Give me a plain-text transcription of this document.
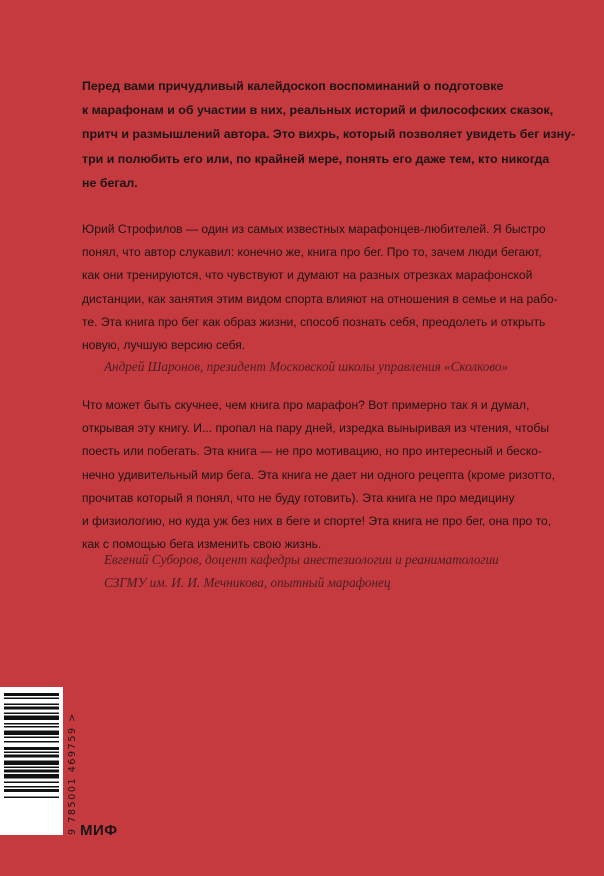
Перед вами причудливый калейдоскоп воспоминаний о подготовке
к марафонам и об участии в них, реальных историй и философских сказок,
притч и размышлений автора. Это вихрь, который позволяет увидеть бег изну-
три и полюбить его или, по крайней мере, понять его даже тем, кто никогда
не бегал.

Юрий Строфилов — один из самых известных марафонцев-любителей. Я быстро
понял, что автор слукавил: конечно же, книга про бег. Про то, зачем люди бегают,
как они тренируются, что чувствуют и думают на разных отрезках марафонской
дистанции, как занятия этим видом спорта влияют на отношения в семье и на рабо-
те. Эта книга про бег как образ жизни, способ познать себя, преодолеть и открыть
новую, лучшую версию себя.

Андрей Шаронов, президент Московской школы управления «Сколково»

Что может быть скучнее, чем книга про марафон? Вот примерно так я и думал,
открывая эту книгу. И... пропал на пару дней, изредка выныривая из чтения, чтобы
поесть или побегать. Эта книга — не про мотивацию, но про интересный и беско-
нечно удивительный мир бега. Эта книга не дает ни одного рецепта (кроме ризотто,
прочитав который я понял, что не буду готовить). Эта книга не про медицину
и физиологию, но куда уж без них в беге и спорте! Эта книга не про бег, она про то,
как с помощью бега изменить свою жизнь.

Евгений Суборов, доцент кафедры анестезиологии и реаниматологии
СЗГМУ им. И. И. Мечникова, опытный марафонец

9 785001 469759 > МИФ
